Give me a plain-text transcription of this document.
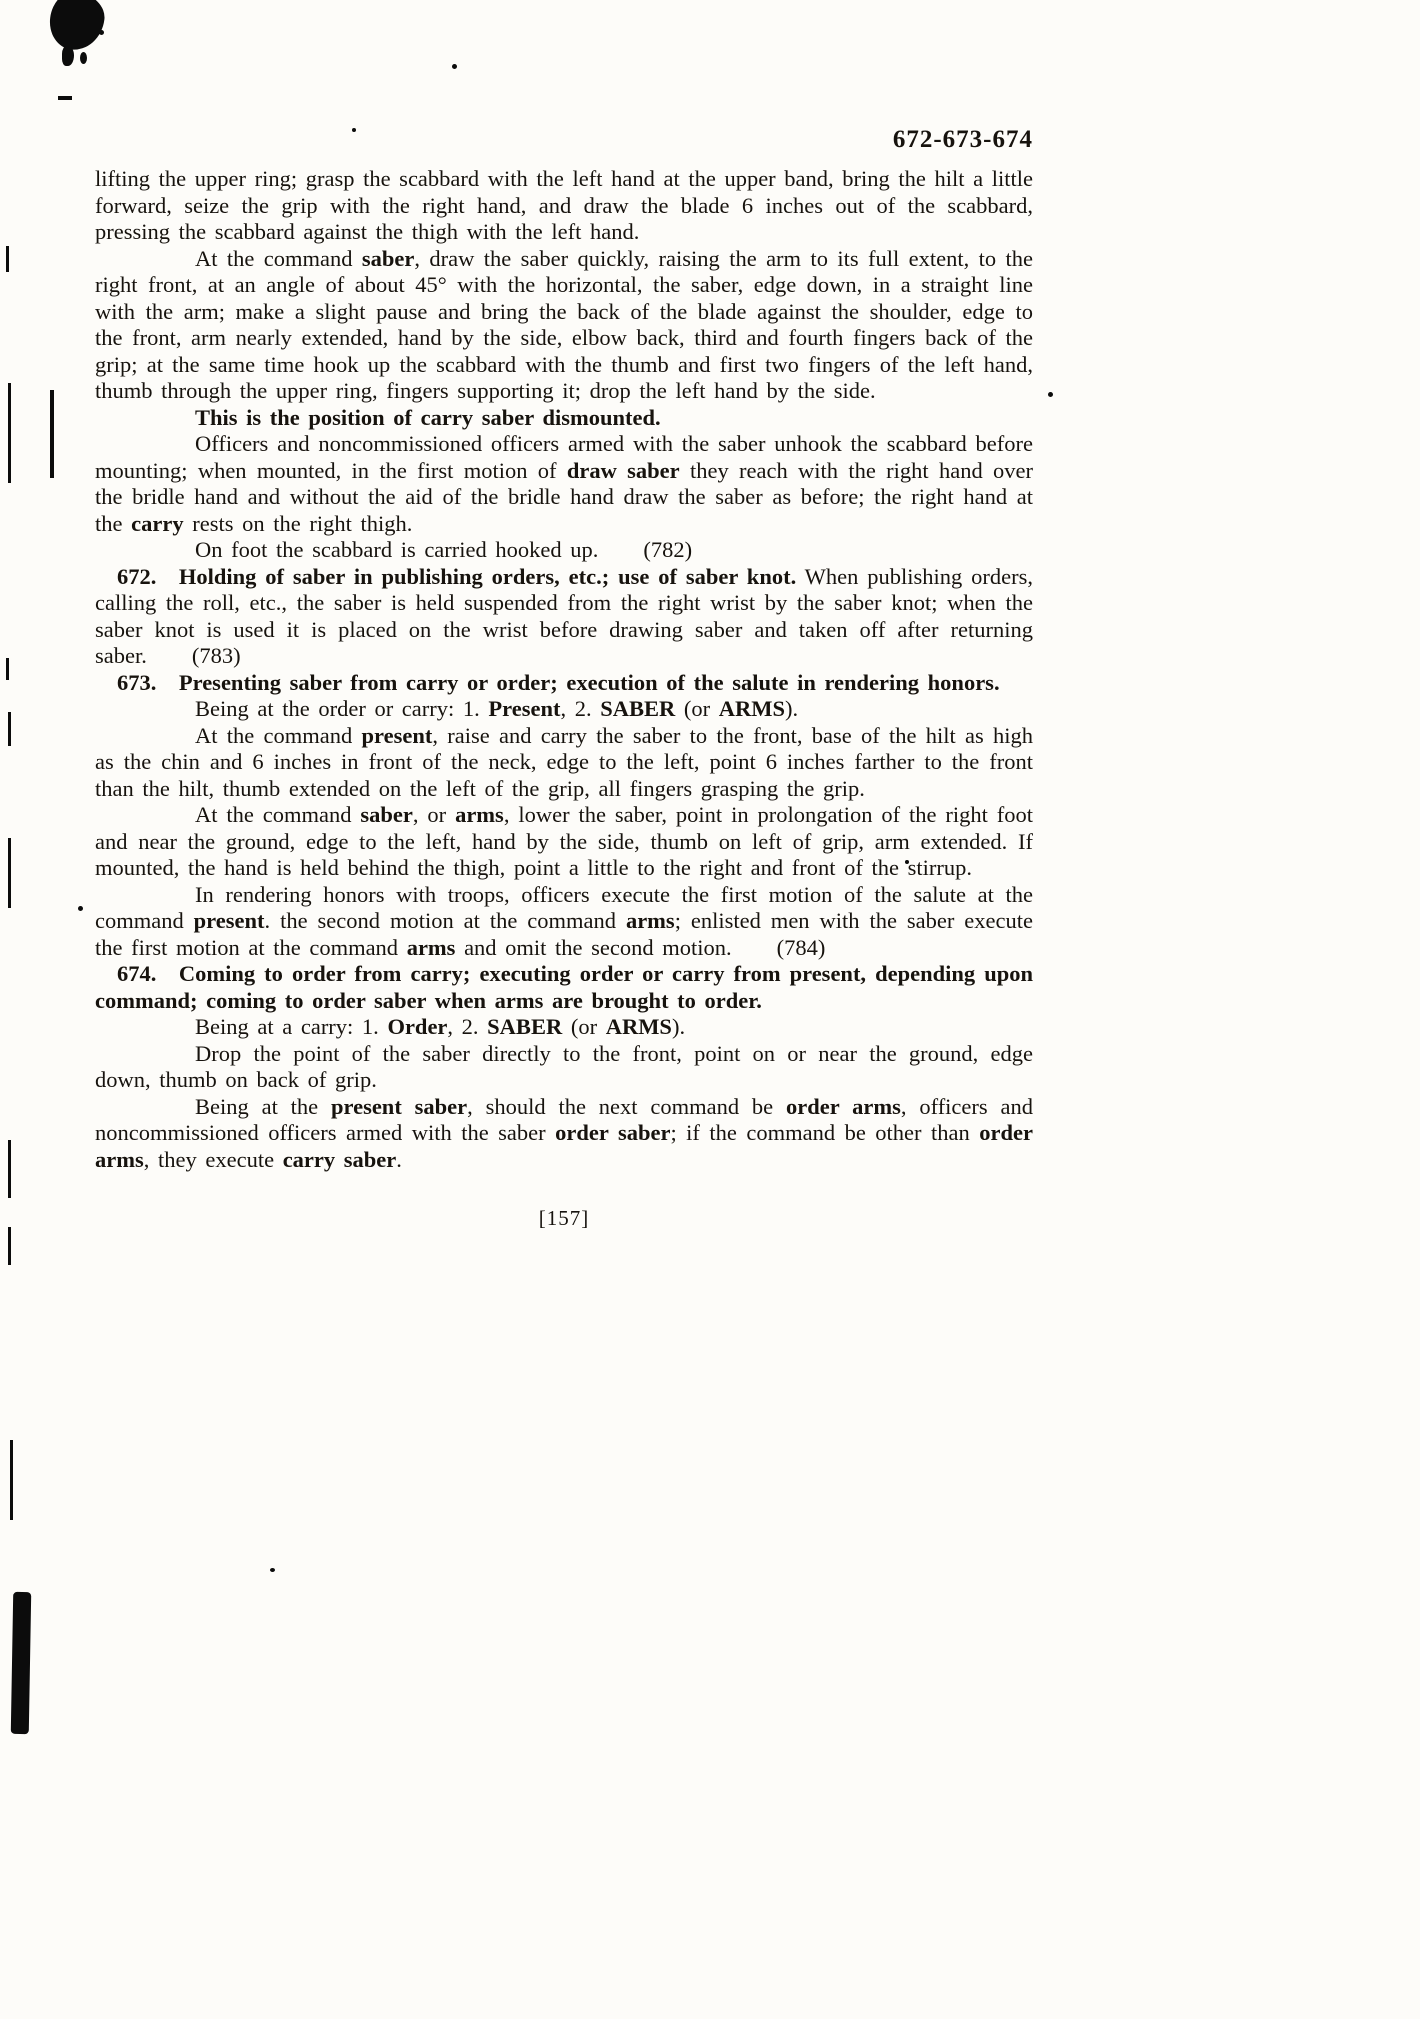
672-673-674

lifting the upper ring; grasp the scabbard with the left hand at the upper band, bring the hilt a little forward, seize the grip with the right hand, and draw the blade 6 inches out of the scabbard, pressing the scabbard against the thigh with the left hand.

At the command saber, draw the saber quickly, raising the arm to its full extent, to the right front, at an angle of about 45° with the horizontal, the saber, edge down, in a straight line with the arm; make a slight pause and bring the back of the blade against the shoulder, edge to the front, arm nearly extended, hand by the side, elbow back, third and fourth fingers back of the grip; at the same time hook up the scabbard with the thumb and first two fingers of the left hand, thumb through the upper ring, fingers supporting it; drop the left hand by the side.

This is the position of carry saber dismounted.

Officers and noncommissioned officers armed with the saber unhook the scabbard before mounting; when mounted, in the first motion of draw saber they reach with the right hand over the bridle hand and without the aid of the bridle hand draw the saber as before; the right hand at the carry rests on the right thigh.

On foot the scabbard is carried hooked up.  (782)

672. Holding of saber in publishing orders, etc.; use of saber knot. When publishing orders, calling the roll, etc., the saber is held suspended from the right wrist by the saber knot; when the saber knot is used it is placed on the wrist before drawing saber and taken off after returning saber.  (783)

673. Presenting saber from carry or order; execution of the salute in rendering honors.

Being at the order or carry: 1. Present, 2. SABER (or ARMS).

At the command present, raise and carry the saber to the front, base of the hilt as high as the chin and 6 inches in front of the neck, edge to the left, point 6 inches farther to the front than the hilt, thumb extended on the left of the grip, all fingers grasping the grip.

At the command saber, or arms, lower the saber, point in prolongation of the right foot and near the ground, edge to the left, hand by the side, thumb on left of grip, arm extended. If mounted, the hand is held behind the thigh, point a little to the right and front of the stirrup.

In rendering honors with troops, officers execute the first motion of the salute at the command present. the second motion at the command arms; enlisted men with the saber execute the first motion at the command arms and omit the second motion.  (784)

674. Coming to order from carry; executing order or carry from present, depending upon command; coming to order saber when arms are brought to order.

Being at a carry: 1. Order, 2. SABER (or ARMS).

Drop the point of the saber directly to the front, point on or near the ground, edge down, thumb on back of grip.

Being at the present saber, should the next command be order arms, officers and noncommissioned officers armed with the saber order saber; if the command be other than order arms, they execute carry saber.

[157]
